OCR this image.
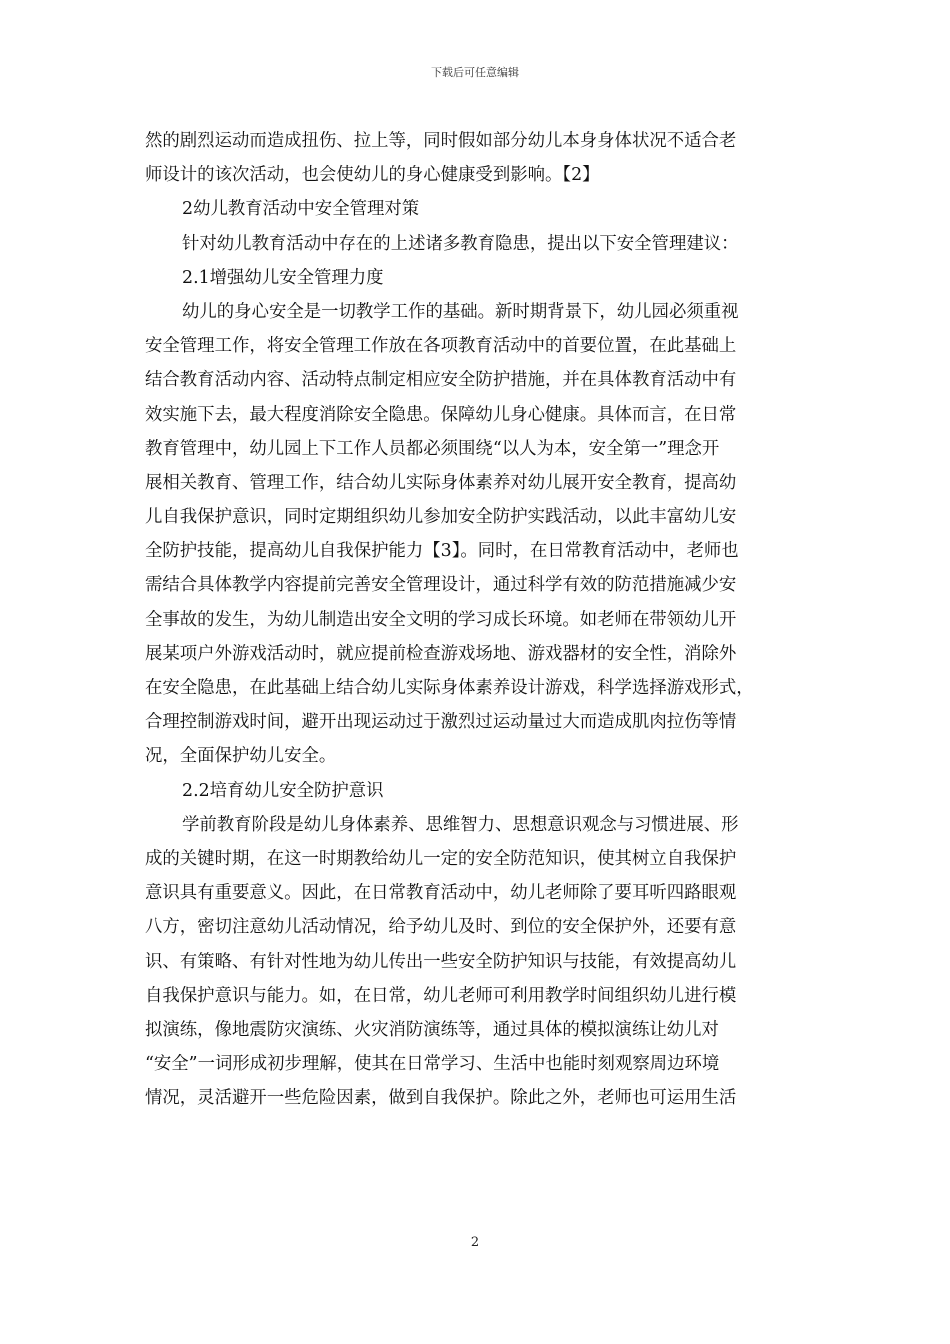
下载后可任意编辑
然的剧烈运动而造成扭伤、拉上等，同时假如部分幼儿本身身体状况不适合老
师设计的该次活动，也会使幼儿的身心健康受到影响。【2】
2幼儿教育活动中安全管理对策
针对幼儿教育活动中存在的上述诸多教育隐患，提出以下安全管理建议：
2.1增强幼儿安全管理力度
幼儿的身心安全是一切教学工作的基础。新时期背景下，幼儿园必须重视
安全管理工作，将安全管理工作放在各项教育活动中的首要位置，在此基础上
结合教育活动内容、活动特点制定相应安全防护措施，并在具体教育活动中有
效实施下去，最大程度消除安全隐患。保障幼儿身心健康。具体而言，在日常
教育管理中，幼儿园上下工作人员都必须围绕“以人为本，安全第一”理念开
展相关教育、管理工作，结合幼儿实际身体素养对幼儿展开安全教育，提高幼
儿自我保护意识，同时定期组织幼儿参加安全防护实践活动，以此丰富幼儿安
全防护技能，提高幼儿自我保护能力【3】。同时，在日常教育活动中，老师也
需结合具体教学内容提前完善安全管理设计，通过科学有效的防范措施减少安
全事故的发生，为幼儿制造出安全文明的学习成长环境。如老师在带领幼儿开
展某项户外游戏活动时，就应提前检查游戏场地、游戏器材的安全性，消除外
在安全隐患，在此基础上结合幼儿实际身体素养设计游戏，科学选择游戏形式，
合理控制游戏时间，避开出现运动过于激烈过运动量过大而造成肌肉拉伤等情
况，全面保护幼儿安全。
2.2培育幼儿安全防护意识
学前教育阶段是幼儿身体素养、思维智力、思想意识观念与习惯进展、形
成的关键时期，在这一时期教给幼儿一定的安全防范知识，使其树立自我保护
意识具有重要意义。因此，在日常教育活动中，幼儿老师除了要耳听四路眼观
八方，密切注意幼儿活动情况，给予幼儿及时、到位的安全保护外，还要有意
识、有策略、有针对性地为幼儿传出一些安全防护知识与技能，有效提高幼儿
自我保护意识与能力。如，在日常，幼儿老师可利用教学时间组织幼儿进行模
拟演练，像地震防灾演练、火灾消防演练等，通过具体的模拟演练让幼儿对
“安全”一词形成初步理解，使其在日常学习、生活中也能时刻观察周边环境
情况，灵活避开一些危险因素，做到自我保护。除此之外，老师也可运用生活
2
